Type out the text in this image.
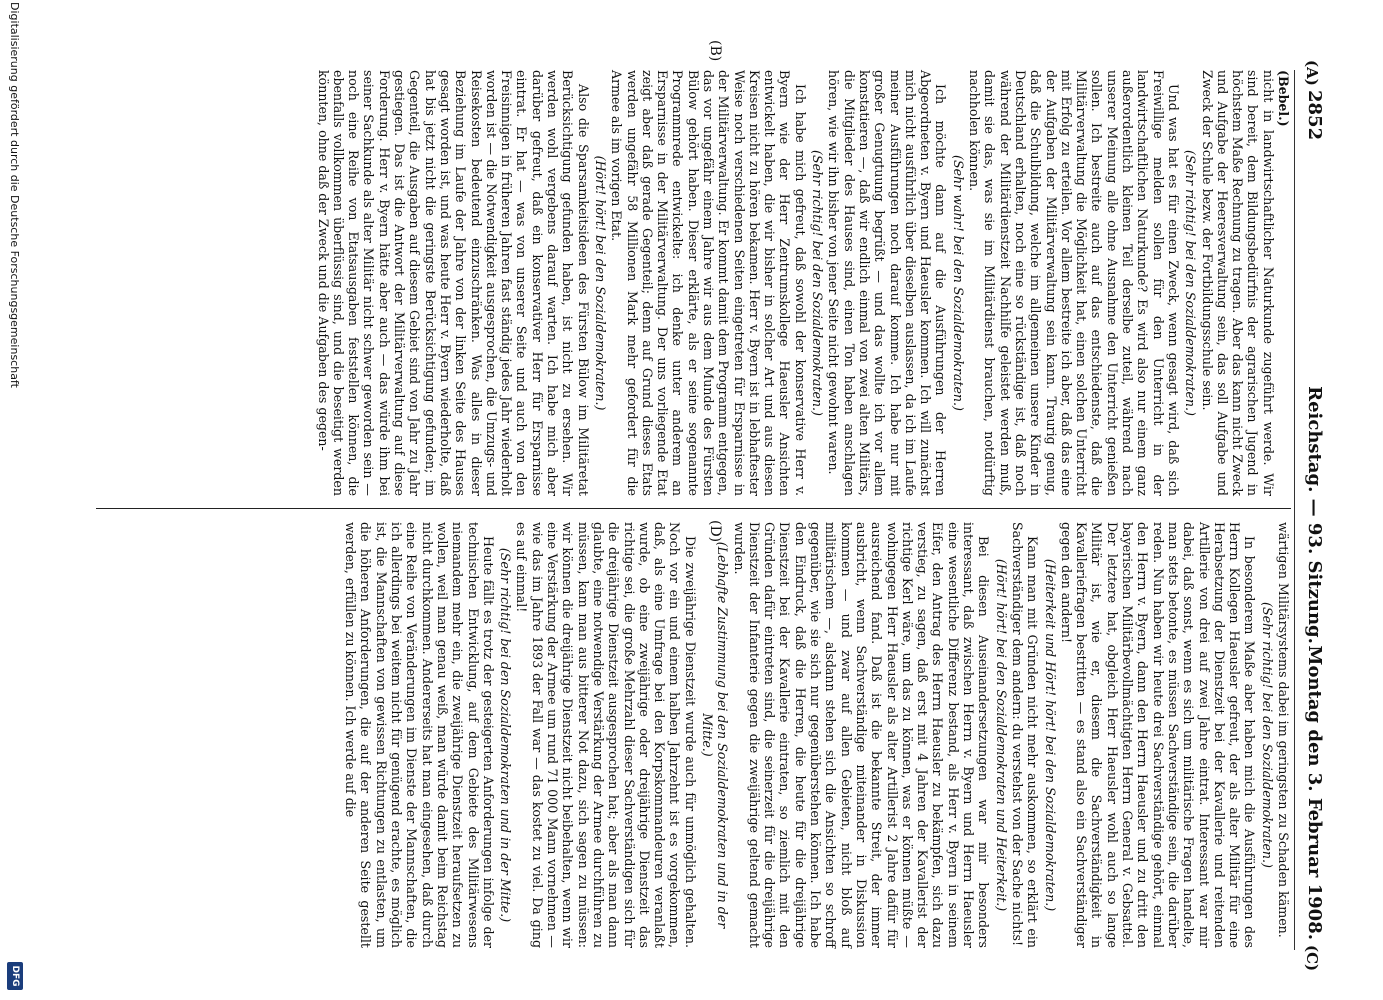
2852
Reichstag. — 93. Sitzung.
Montag den 3. Februar 1908.
(A)
(B)
(C)
(D)

(Bebel.)

nicht in landwirtschaftlicher Naturkunde zugeführt werde. Wir sind bereit, dem Bildungsbedürfnis der agrarischen Jugend in höchstem Maße Rechnung zu tragen. Aber das kann nicht Zweck und Aufgabe der Heeresverwaltung sein, das soll Aufgabe und Zweck der Schule bezw. der Fortbildungsschule sein.

(Sehr richtig! bei den Sozialdemokraten.)

Und was hat es für einen Zweck, wenn gesagt wird, daß sich Freiwillige melden sollen für den Unterricht in der landwirtschaftlichen Naturkunde? Es wird also nur einem ganz außerordentlich kleinen Teil derselbe zuteil, während nach unserer Meinung alle ohne Ausnahme den Unterricht genießen sollen. Ich bestreite auch auf das entschiedenste, daß die Militärverwaltung die Möglichkeit hat, einen solchen Unterricht mit Erfolg zu erteilen. Vor allem bestreite ich aber, daß das eine der Aufgaben der Militärverwaltung sein kann. Traurig genug, daß die Schulbildung, welche im allgemeinen unsere Kinder in Deutschland erhalten, noch eine so rückständige ist, daß noch während der Militärdienstzeit Nachhilfe geleistet werden muß, damit sie das, was sie im Militärdienst brauchen, notdürftig nachholen können.

(Sehr wahr! bei den Sozialdemokraten.)

Ich möchte dann auf die Ausführungen der Herren Abgeordneten v. Byern und Haeusler kommen. Ich will zunächst mich nicht ausführlich über dieselben auslassen, da ich im Laufe meiner Ausführungen noch darauf komme. Ich habe nur mit großer Genugtuung begrüßt — und das wollte ich vor allem konstatieren —, daß wir endlich einmal von zwei alten Militärs, die Mitglieder des Hauses sind, einen Ton haben anschlagen hören, wie wir ihn bisher von jener Seite nicht gewohnt waren.

(Sehr richtig! bei den Sozialdemokraten.)

Ich habe mich gefreut, daß sowohl der konservative Herr v. Byern wie der Herr Zentrumskollege Haeusler Ansichten entwickelt haben, die wir bisher in solcher Art und aus diesen Kreisen nicht zu hören bekamen. Herr v. Byern ist in lebhaftester Weise noch verschiedenen Seiten eingetreten für Ersparnisse in der Militärverwaltung. Er kommt damit dem Programm entgegen, das vor ungefähr einem Jahre wir aus dem Munde des Fürsten Bülow gehört haben. Dieser erklärte, als er seine sogenannte Programmrede entwickelte: ich denke unter anderem an Ersparnisse in der Militärverwaltung. Der uns vorliegende Etat zeigt aber daß gerade Gegenteil; denn auf Grund dieses Etats werden ungefähr 58 Millionen Mark mehr gefordert für die Armee als im vorigen Etat.

(Hört! hört! bei den Sozialdemokraten.)

Also die Sparsamkeitsideen des Fürsten Bülow im Militäretat Berücksichtigung gefunden haben, ist nicht zu ersehen. Wir werden wohl vergebens darauf warten. Ich habe mich aber darüber gefreut, daß ein konservativer Herr für Ersparnisse eintrat. Er hat — was von unserer Seite und auch von den Freisinnigen in früheren Jahren fast ständig jedes Jahr wiederholt worden ist — die Notwendigkeit ausgesprochen, die Umzugs- und Reisekosten bedeutend einzuschränken. Was alles in dieser Beziehung im Laufe der Jahre von der linken Seite des Hauses gesagt worden ist, und was heute Herr v. Byern wiederholte, daß hat bis jetzt nicht die geringste Berücksichtigung gefunden; im Gegenteil, die Ausgaben auf diesem Gebiet sind von Jahr zu Jahr gestiegen. Das ist die Antwort der Militärverwaltung auf diese Forderung. Herr v. Byern hätte aber auch — das würde ihm bei seiner Sachkunde als alter Militär nicht schwer geworden sein — noch eine Reihe von Etatsausgaben feststellen können, die ebenfalls vollkommen überflüssig sind, und die beseitigt werden könnten, ohne daß der Zweck und die Aufgaben des gegen-

wärtigen Militärsystems dabei im geringsten zu Schaden kämen.

(Sehr richtig! bei den Sozialdemokraten.)

In besonderem Maße aber haben mich die Ausführungen des Herrn Kollegen Haeusler gefreut, der als alter Militär für eine Herabsetzung der Dienstzeit bei der Kavallerie und reitenden Artillerie von drei auf zwei Jahre eintrat. Interessant war mir dabei, daß sonst, wenn es sich um militärische Fragen handelte, man stets betonte, es müssen Sachverständige sein, die darüber reden. Nun haben wir heute drei Sachverständige gehört, einmal den Herrn v. Byern, dann den Herrn Haeusler und zu dritt den bayerischen Militärbevollmächtigten Herrn General v. Gebsattel. Der letztere hat, obgleich Herr Haeusler wohl auch so lange Militär ist, wie er, diesem die Sachverständigkeit in Kavalleriefragen bestritten — es stand also ein Sachverständiger gegen den andern!

(Heiterkeit und Hört! hört! bei den Sozialdemokraten.)

Kann man mit Gründen nicht mehr auskommen, so erklärt ein Sachverständiger dem andern: du verstehst von der Sache nichts!

(Hört! hört! bei den Sozialdemokraten und Heiterkeit.)

Bei diesen Auseinandersetzungen war mir besonders interessant, daß zwischen Herrn v. Byern und Herrn Haeusler eine wesentliche Differenz bestand, als Herr v. Byern in seinem Eifer, den Antrag des Herrn Haeusler zu bekämpfen, sich dazu verstieg, zu sagen, daß erst mit 4 Jahren der Kavallerist der richtige Kerl wäre, um das zu können, was er können müßte — wohingegen Herr Haeusler als alter Artillerist 2 Jahre dafür für ausreichend fand. Daß ist die bekannte Streit, der immer ausbricht, wenn Sachverständige miteinander in Diskussion kommen — und zwar auf allen Gebieten, nicht bloß auf militärischem —, alsdann stehen sich die Ansichten so schroff gegenüber, wie sie sich nur gegenüberstehen können. Ich habe den Eindruck, daß die Herren, die heute für die dreijährige Dienstzeit bei der Kavallerie eintraten, so ziemlich mit den Gründen dafür eintreten sind, die seinerzeit für die dreijährige Dienstzeit der Infanterie gegen die zweijährige geltend gemacht wurden.

(Lebhafte Zustimmung bei den Sozialdemokraten und in der Mitte.)

Die zweijährige Dienstzeit wurde auch für unmöglich gehalten. Noch vor ein und einem halben Jahrzehnt ist es vorgekommen, daß, als eine Umfrage bei den Korpskommandeuren veranlaßt wurde, ob eine zweijährige oder dreijährige Dienstzeit das richtige sei, die große Mehrzahl dieser Sachverständigen sich für die dreijährige Dienstzeit ausgesprochen hat; aber als man dann glaubte, eine notwendige Verstärkung der Armee durchführen zu müssen, kam man aus bitterer Not dazu, sich sagen zu müssen: wir können die dreijährige Dienstzeit nicht beibehalten, wenn wir eine Verstärkung der Armee um rund 71 000 Mann vornehmen — wie das im Jahre 1893 der Fall war — das kostet zu viel. Da ging es auf einmal!

(Sehr richtig! bei den Sozialdemokraten und in der Mitte.)

Heute fällt es trotz der gesteigerten Anforderungen infolge der technischen Entwicklung, auf dem Gebiete des Militärwesens niemandem mehr ein, die zweijährige Dienstzeit heraufsetzen zu wollen, weil man genau weiß, man würde damit beim Reichstag nicht durchkommen. Andererseits hat man eingesehen, daß durch eine Reihe von Veränderungen im Dienste der Mannschaften, die ich allerdings bei weitem nicht für genügend erachte, es möglich ist, die Mannschaften von gewissen Richtungen zu entlasten, um die höheren Anforderungen, die auf der anderen Seite gestellt werden, erfüllen zu können. Ich werde auf die

Digitalisierung gefördert durch die Deutsche Forschungsgemeinschaft
DFG
